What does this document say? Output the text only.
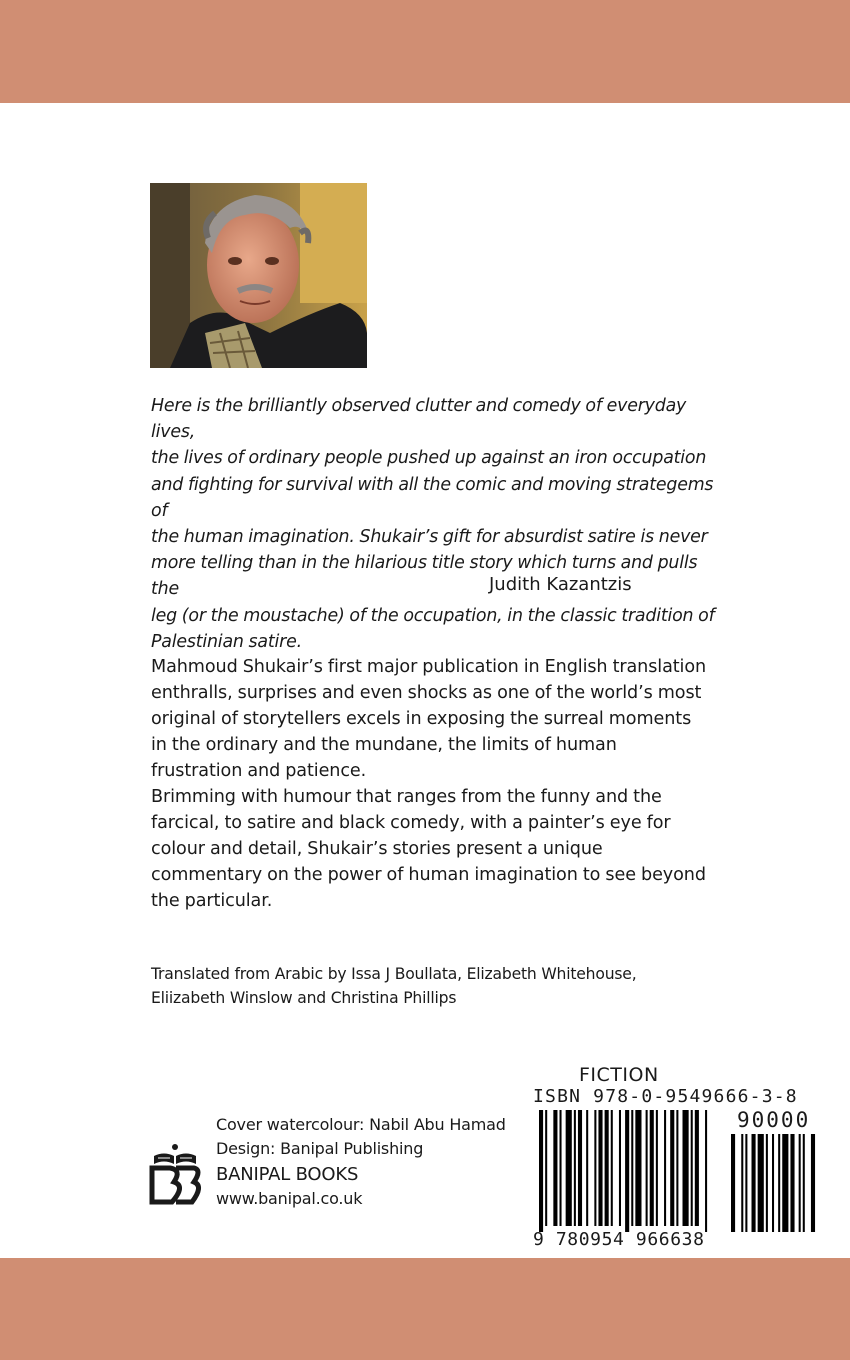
Here is the brilliantly observed clutter and comedy of everyday lives,
the lives of ordinary people pushed up against an iron occupation
and fighting for survival with all the comic and moving strategems of
the human imagination. Shukair’s gift for absurdist satire is never
more telling than in the hilarious title story which turns and pulls the
leg (or the moustache) of the occupation, in the classic tradition of
Palestinian satire.
Judith Kazantzis

Mahmoud Shukair’s first major publication in English translation
enthralls, surprises and even shocks as one of the world’s most
original of storytellers excels in exposing the surreal moments
in the ordinary and the mundane, the limits of human
frustration and patience.

Brimming with humour that ranges from the funny and the
farcical, to satire and black comedy, with a painter’s eye for
colour and detail, Shukair’s stories present a unique
commentary on the power of human imagination to see beyond
the particular.

Translated from Arabic by Issa J Boullata, Elizabeth Whitehouse,
Eliizabeth Winslow and Christina Phillips
Cover watercolour: Nabil Abu Hamad
Design: Banipal Publishing
BANIPAL BOOKS
www.banipal.co.uk
FICTION
ISBN 978-0-9549666-3-8
90000
9 780954 966638
